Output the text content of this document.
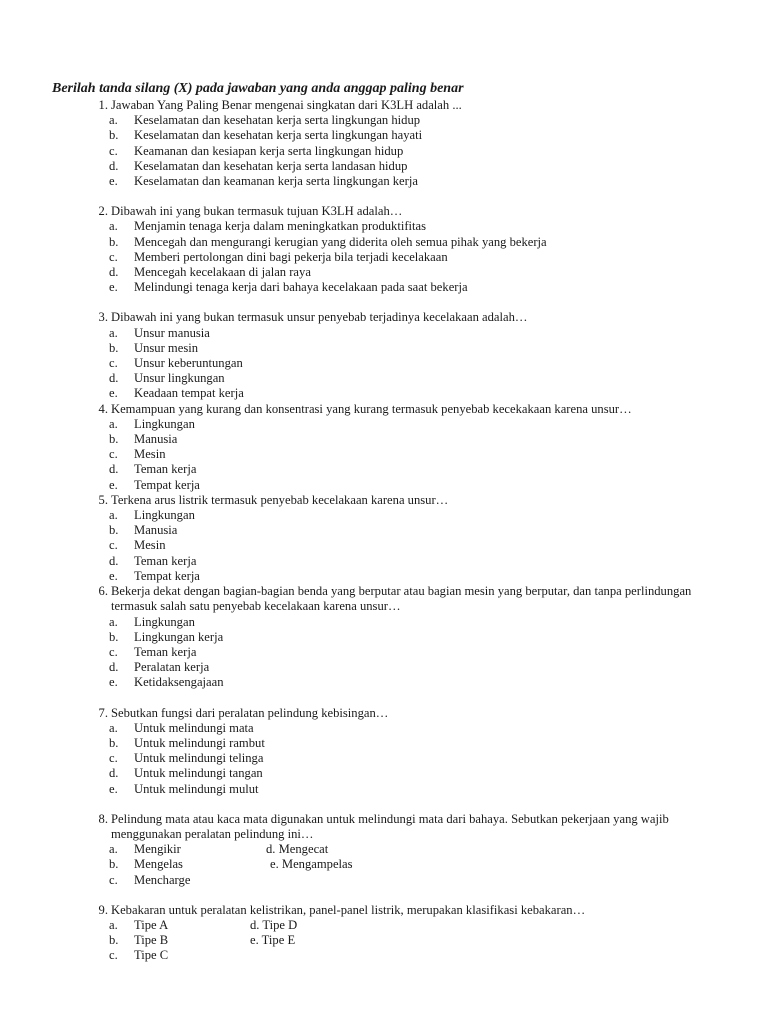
Berilah tanda silang (X) pada jawaban yang anda anggap paling benar
1. Jawaban Yang Paling Benar mengenai singkatan dari K3LH adalah ...
a.	Keselamatan dan kesehatan kerja serta lingkungan hidup
b.	Keselamatan dan kesehatan kerja serta lingkungan hayati
c.	Keamanan dan kesiapan kerja serta lingkungan hidup
d.	Keselamatan dan kesehatan kerja serta landasan hidup
e.	Keselamatan dan keamanan kerja serta lingkungan kerja
2. Dibawah ini yang bukan termasuk tujuan K3LH adalah…
a.	Menjamin tenaga kerja dalam meningkatkan produktifitas
b.	Mencegah dan mengurangi kerugian yang diderita oleh semua pihak yang bekerja
c.	Memberi pertolongan dini bagi pekerja bila terjadi kecelakaan
d.	Mencegah kecelakaan di jalan raya
e.	Melindungi tenaga kerja dari bahaya kecelakaan pada saat bekerja
3. Dibawah ini yang bukan termasuk unsur penyebab terjadinya kecelakaan adalah…
a.	Unsur manusia
b.	Unsur mesin
c.	Unsur keberuntungan
d.	Unsur lingkungan
e.	Keadaan tempat kerja
4. Kemampuan yang kurang dan konsentrasi yang kurang termasuk penyebab kecekakaan karena unsur…
a.	Lingkungan
b.	Manusia
c.	Mesin
d.	Teman kerja
e.	Tempat kerja
5. Terkena arus listrik termasuk penyebab kecelakaan karena unsur…
a.	Lingkungan
b.	Manusia
c.	Mesin
d.	Teman kerja
e.	Tempat kerja
6. Bekerja dekat dengan bagian-bagian benda yang berputar atau bagian mesin yang berputar, dan tanpa perlindungan termasuk salah satu penyebab kecelakaan karena unsur…
a.	Lingkungan
b.	Lingkungan kerja
c.	Teman kerja
d.	Peralatan kerja
e.	Ketidaksengajaan
7. Sebutkan fungsi dari peralatan pelindung kebisingan…
a.	Untuk melindungi mata
b.	Untuk melindungi rambut
c.	Untuk melindungi telinga
d.	Untuk melindungi tangan
e.	Untuk melindungi mulut
8. Pelindung mata atau kaca mata digunakan untuk melindungi mata dari bahaya. Sebutkan pekerjaan yang wajib menggunakan peralatan pelindung ini…
a.	Mengikir	d. Mengecat
b.	Mengelas	e. Mengampelas
c.	Mencharge
9. Kebakaran untuk peralatan kelistrikan, panel-panel listrik, merupakan klasifikasi kebakaran…
a.	Tipe A	d. Tipe D
b.	Tipe B	e. Tipe E
c.	Tipe C
